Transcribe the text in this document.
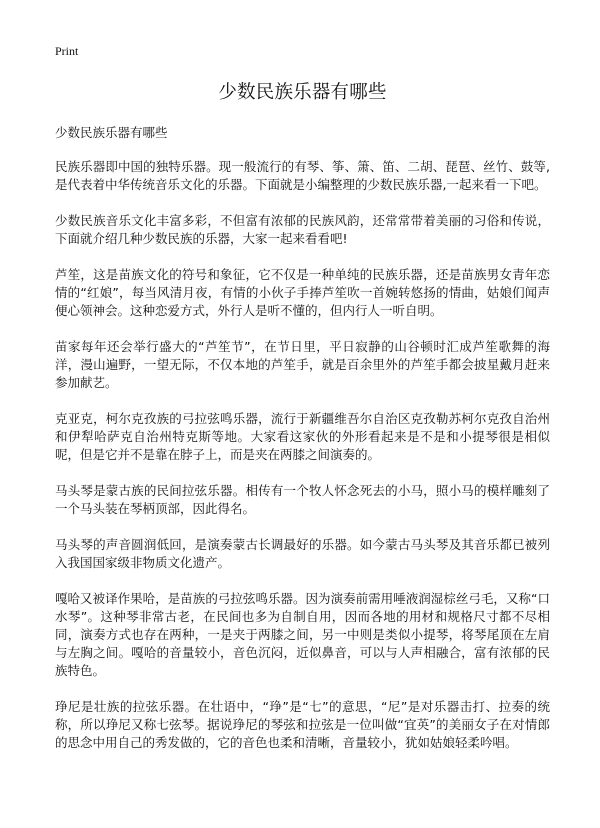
Print
少数民族乐器有哪些

少数民族乐器有哪些

民族乐器即中国的独特乐器。现一般流行的有琴、筝、箫、笛、二胡、琵琶、丝竹、鼓等,是代表着中华传统音乐文化的乐器。下面就是小编整理的少数民族乐器,一起来看一下吧。

少数民族音乐文化丰富多彩，不但富有浓郁的民族风韵，还常常带着美丽的习俗和传说，下面就介绍几种少数民族的乐器，大家一起来看看吧!

芦笙，这是苗族文化的符号和象征，它不仅是一种单纯的民族乐器，还是苗族男女青年恋情的“红娘”，每当风清月夜，有情的小伙子手捧芦笙吹一首婉转悠扬的情曲，姑娘们闻声便心领神会。这种恋爱方式，外行人是听不懂的，但内行人一听自明。

苗家每年还会举行盛大的“芦笙节”，在节日里，平日寂静的山谷顿时汇成芦笙歌舞的海洋，漫山遍野，一望无际，不仅本地的芦笙手，就是百余里外的芦笙手都会披星戴月赶来参加献艺。

克亚克，柯尔克孜族的弓拉弦鸣乐器，流行于新疆维吾尔自治区克孜勒苏柯尔克孜自治州和伊犁哈萨克自治州特克斯等地。大家看这家伙的外形看起来是不是和小提琴很是相似呢，但是它并不是靠在脖子上，而是夹在两膝之间演奏的。

马头琴是蒙古族的民间拉弦乐器。相传有一个牧人怀念死去的小马，照小马的模样雕刻了一个马头装在琴柄顶部，因此得名。

马头琴的声音圆润低回，是演奏蒙古长调最好的乐器。如今蒙古马头琴及其音乐都已被列入我国国家级非物质文化遗产。

嘎哈又被译作果哈，是苗族的弓拉弦鸣乐器。因为演奏前需用唾液润湿棕丝弓毛，又称“口水琴”。这种琴非常古老，在民间也多为自制自用，因而各地的用材和规格尺寸都不尽相同，演奏方式也存在两种，一是夹于两膝之间，另一中则是类似小提琴，将琴尾顶在左肩与左胸之间。嘎哈的音量较小，音色沉闷，近似鼻音，可以与人声相融合，富有浓郁的民族特色。

琤尼是壮族的拉弦乐器。在壮语中，“琤”是“七”的意思，“尼”是对乐器击打、拉奏的统称，所以琤尼又称七弦琴。据说琤尼的琴弦和拉弦是一位叫做“宜英”的美丽女子在对情郎的思念中用自己的秀发做的，它的音色也柔和清晰，音量较小，犹如姑娘轻柔吟唱。
